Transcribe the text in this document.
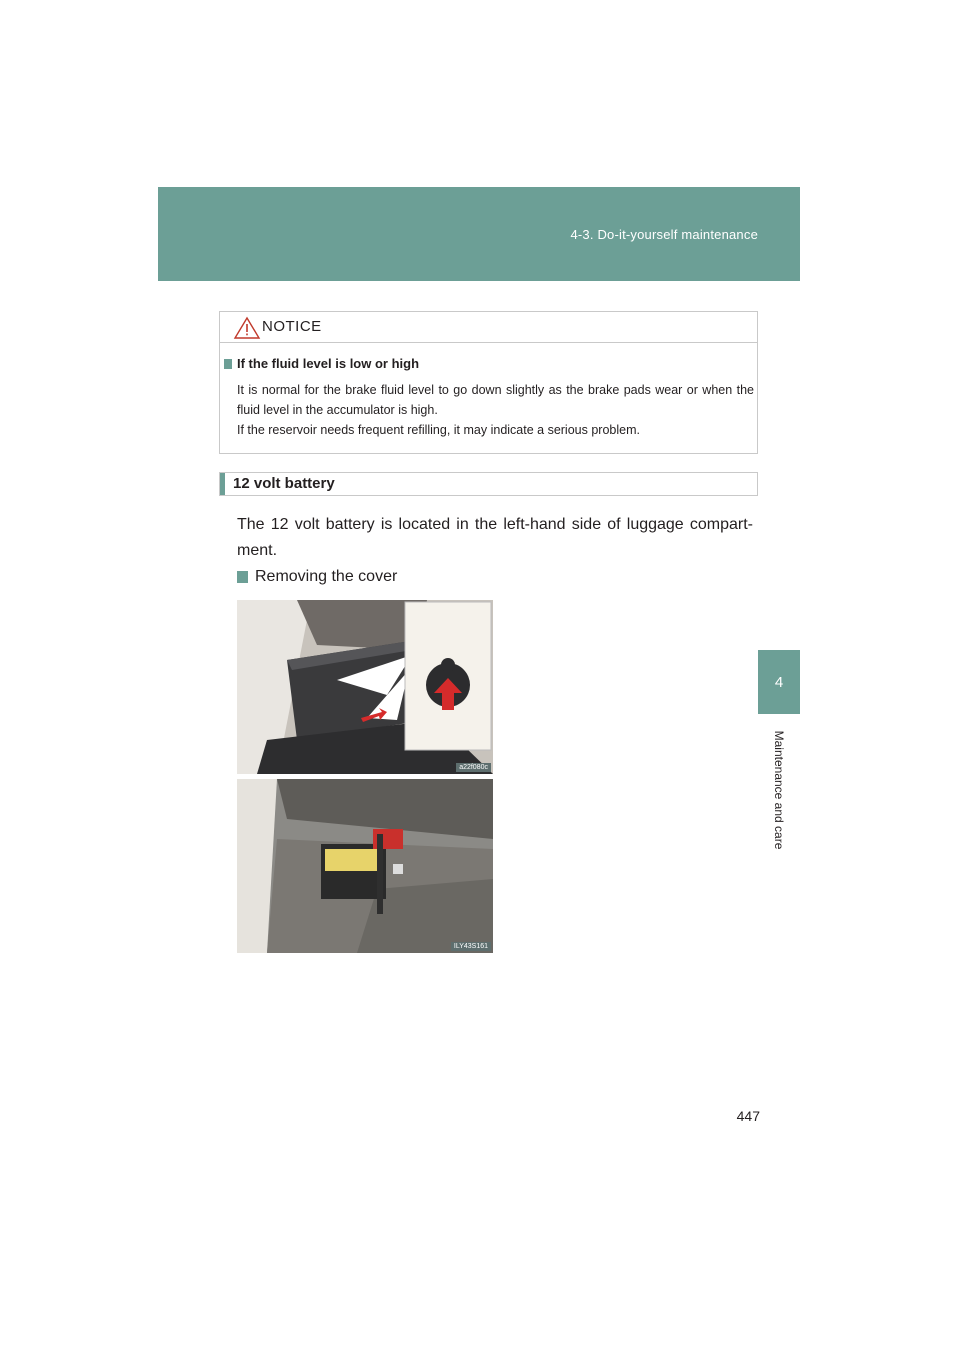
4-3. Do-it-yourself maintenance
4
Maintenance and care
NOTICE
If the fluid level is low or high

It is normal for the brake fluid level to go down slightly as the brake pads wear or when the fluid level in the accumulator is high.

If the reservoir needs frequent refilling, it may indicate a serious problem.

12 volt battery
The 12 volt battery is located in the left-hand side of luggage compart-ment.
Removing the cover
a22f080c
ILY43S161
447
